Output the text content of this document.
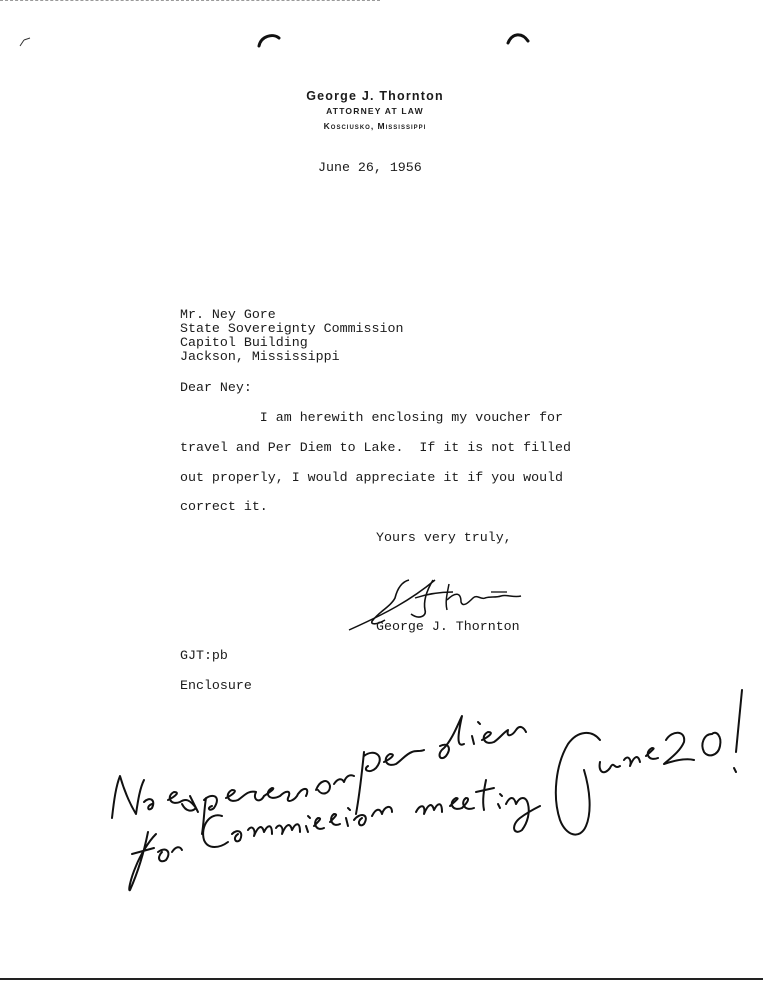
George J. Thornton
ATTORNEY AT LAW
Kosciusko, Mississippi
June 26, 1956
Mr. Ney Gore
State Sovereignty Commission
Capitol Building
Jackson, Mississippi
Dear Ney:
I am herewith enclosing my voucher for
travel and Per Diem to Lake.  If it is not filled
out properly, I would appreciate it if you would
correct it.
Yours very truly,
George J. Thornton
GJT:pb
Enclosure
